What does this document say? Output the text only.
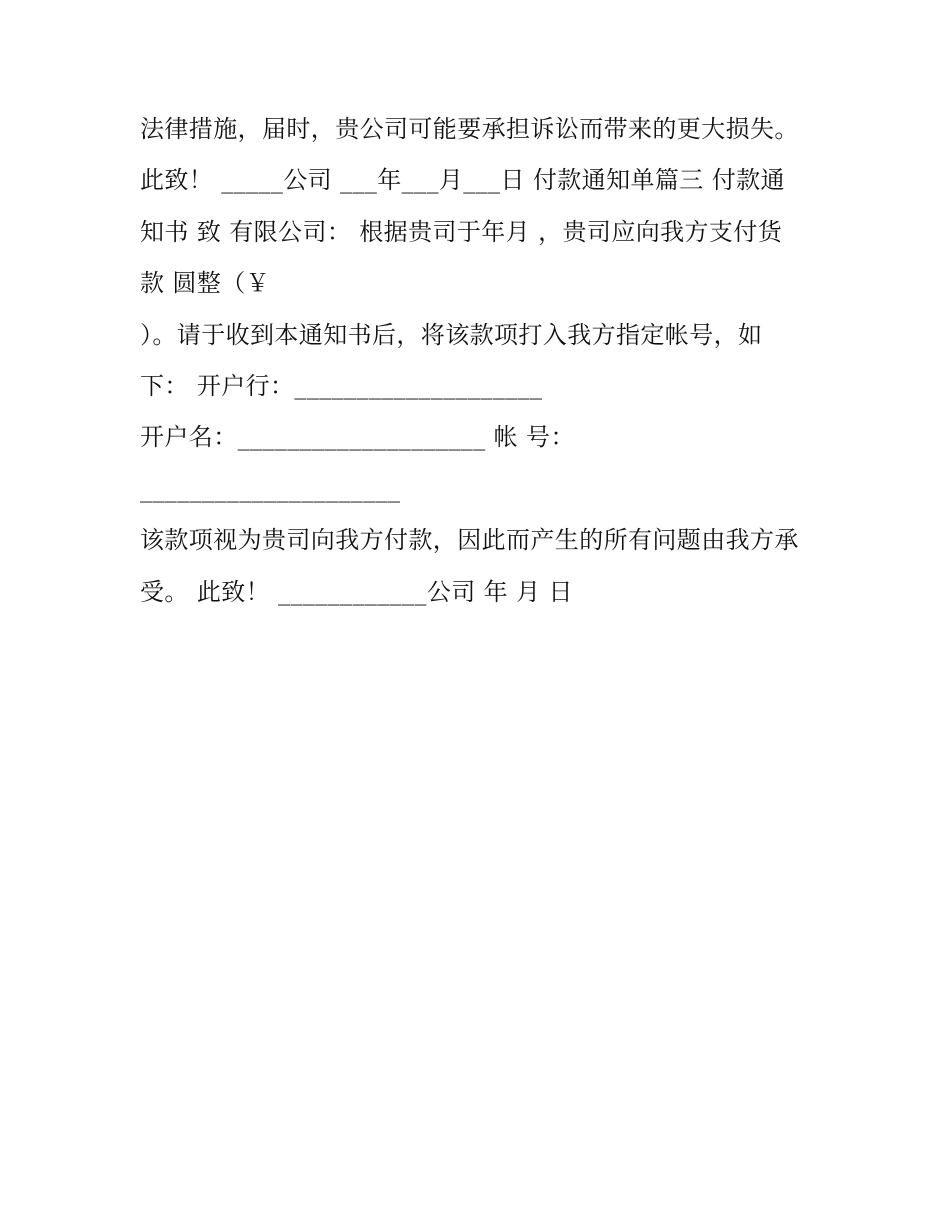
法律措施，届时，贵公司可能要承担诉讼而带来的更大损失。
此致！ _____公司 ___年___月___日 付款通知单篇三 付款通
知书 致 有限公司： 根据贵司于年月 ，贵司应向我方支付货
款 圆整（￥
）。请于收到本通知书后，将该款项打入我方指定帐号，如
下： 开户行：____________________
开户名：____________________ 帐 号：
_____________________
该款项视为贵司向我方付款，因此而产生的所有问题由我方承
受。 此致！ ____________公司 年 月 日
